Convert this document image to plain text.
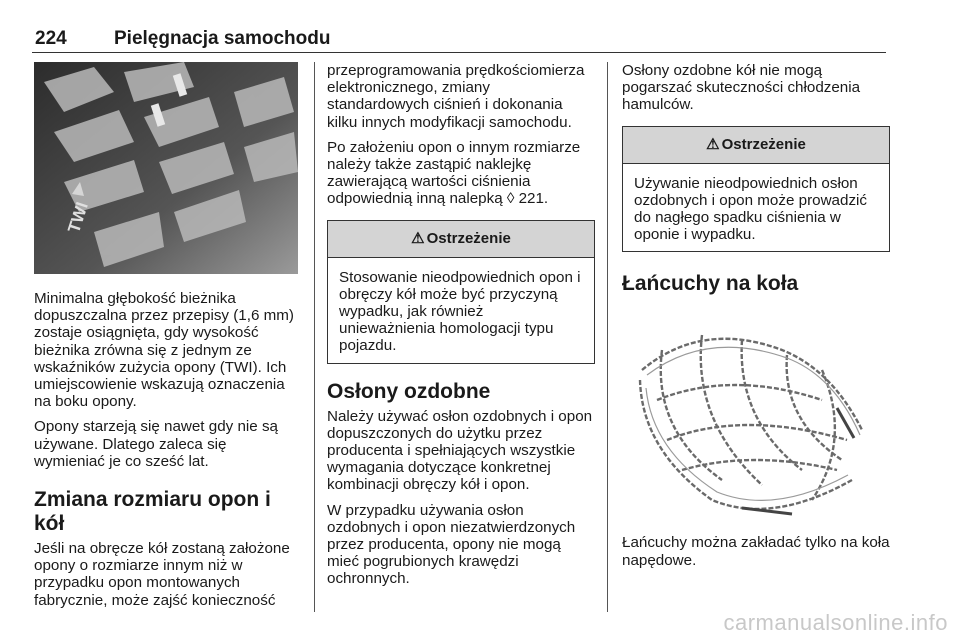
224 Pielęgnacja samochodu
TWI

Minimalna głębokość bieżnika dopuszczalna przez przepisy (1,6 mm) zostaje osiągnięta, gdy wysokość bieżnika zrówna się z jednym ze wskaźników zużycia opony (TWI). Ich umiejscowienie wskazują oznaczenia na boku opony.

Opony starzeją się nawet gdy nie są używane. Dlatego zaleca się wymieniać je co sześć lat.

Zmiana rozmiaru opon i kół

Jeśli na obręcze kół zostaną założone opony o rozmiarze innym niż w przypadku opon montowanych fabrycznie, może zajść konieczność

przeprogramowania prędkościomierza elektronicznego, zmiany standardowych ciśnień i dokonania kilku innych modyfikacji samochodu.

Po założeniu opon o innym rozmiarze należy także zastąpić naklejkę zawierającą wartości ciśnienia odpowiednią inną nalepką ◊ 221.

⚠ Ostrzeżenie

Stosowanie nieodpowiednich opon i obręczy kół może być przyczyną wypadku, jak również unieważnienia homologacji typu pojazdu.

Osłony ozdobne

Należy używać osłon ozdobnych i opon dopuszczonych do użytku przez producenta i spełniających wszystkie wymagania dotyczące konkretnej kombinacji obręczy kół i opon.

W przypadku używania osłon ozdobnych i opon niezatwierdzonych przez producenta, opony nie mogą mieć pogrubionych krawędzi ochronnych.

Osłony ozdobne kół nie mogą pogarszać skuteczności chłodzenia hamulców.

⚠ Ostrzeżenie

Używanie nieodpowiednich osłon ozdobnych i opon może prowadzić do nagłego spadku ciśnienia w oponie i wypadku.

Łańcuchy na koła

Łańcuchy można zakładać tylko na koła napędowe.

carmanualsonline.info
